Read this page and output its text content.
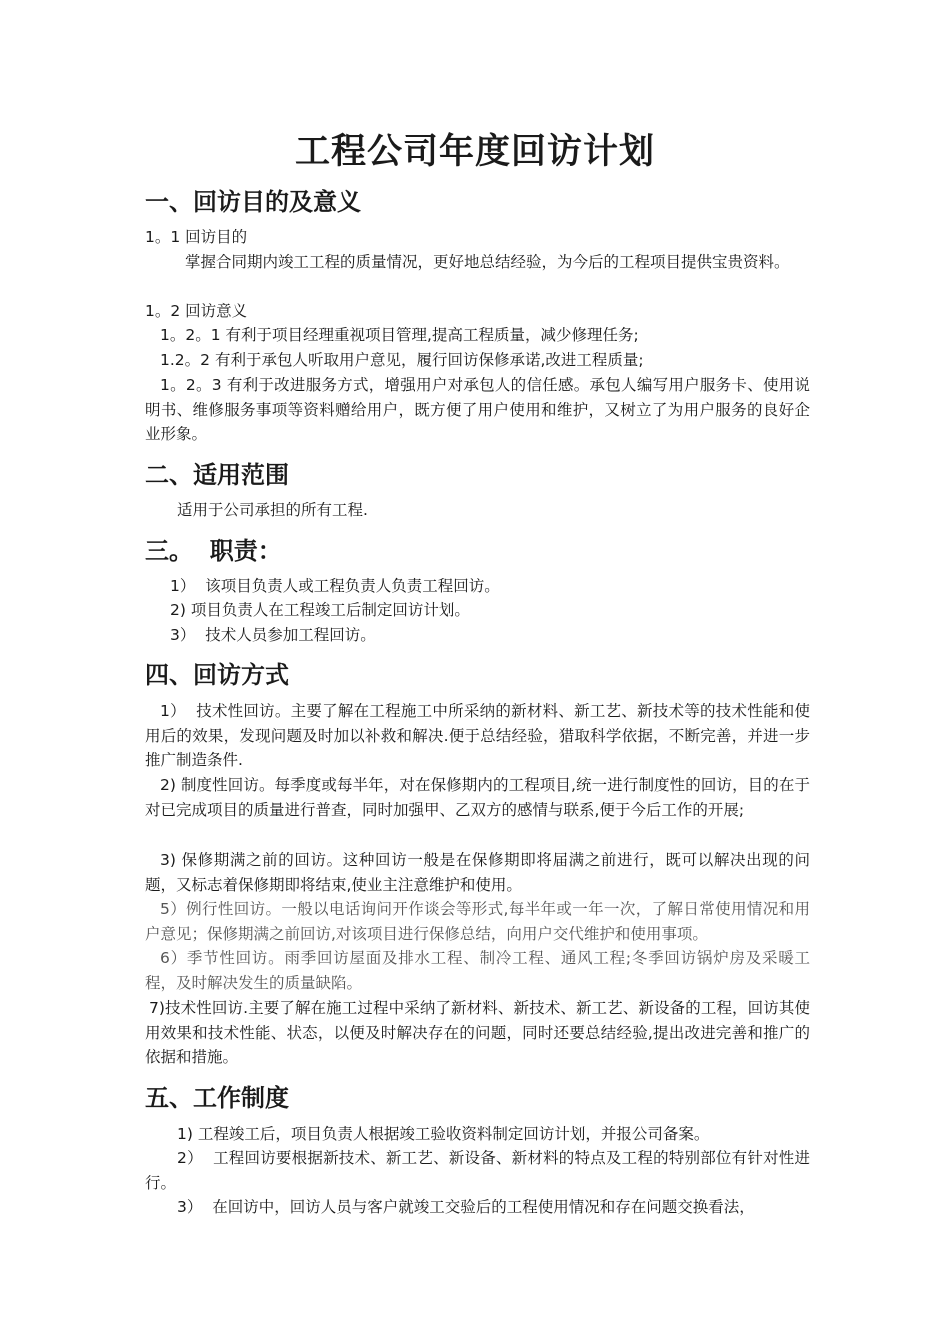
工程公司年度回访计划
一、回访目的及意义

1。1 回访目的

掌握合同期内竣工工程的质量情况，更好地总结经验，为今后的工程项目提供宝贵资料。

1。2 回访意义

1。2。1 有利于项目经理重视项目管理,提高工程质量，减少修理任务;

1.2。2 有利于承包人听取用户意见，履行回访保修承诺,改进工程质量;

1。2。3 有利于改进服务方式，增强用户对承包人的信任感。承包人编写用户服务卡、使用说明书、维修服务事项等资料赠给用户，既方便了用户使用和维护，又树立了为用户服务的良好企业形象。

二、适用范围

适用于公司承担的所有工程.

三。  职责：

1）  该项目负责人或工程负责人负责工程回访。

2) 项目负责人在工程竣工后制定回访计划。

3）  技术人员参加工程回访。

四、回访方式

1）  技术性回访。主要了解在工程施工中所采纳的新材料、新工艺、新技术等的技术性能和使用后的效果，发现问题及时加以补救和解决.便于总结经验，猎取科学依据，不断完善，并进一步推广制造条件.

2) 制度性回访。每季度或每半年，对在保修期内的工程项目,统一进行制度性的回访，目的在于对已完成项目的质量进行普查，同时加强甲、乙双方的感情与联系,便于今后工作的开展;

3) 保修期满之前的回访。这种回访一般是在保修期即将届满之前进行，既可以解决出现的问题，又标志着保修期即将结束,使业主注意维护和使用。

5）例行性回访。一般以电话询问开作谈会等形式,每半年或一年一次，了解日常使用情况和用户意见；保修期满之前回访,对该项目进行保修总结，向用户交代维护和使用事项。

6）季节性回访。雨季回访屋面及排水工程、制冷工程、通风工程;冬季回访锅炉房及采暖工程，及时解决发生的质量缺陷。

7)技术性回访.主要了解在施工过程中采纳了新材料、新技术、新工艺、新设备的工程，回访其使用效果和技术性能、状态，以便及时解决存在的问题，同时还要总结经验,提出改进完善和推广的依据和措施。

五、工作制度

1) 工程竣工后，项目负责人根据竣工验收资料制定回访计划，并报公司备案。

2）  工程回访要根据新技术、新工艺、新设备、新材料的特点及工程的特别部位有针对性进行。

3）  在回访中，回访人员与客户就竣工交验后的工程使用情况和存在问题交换看法，
